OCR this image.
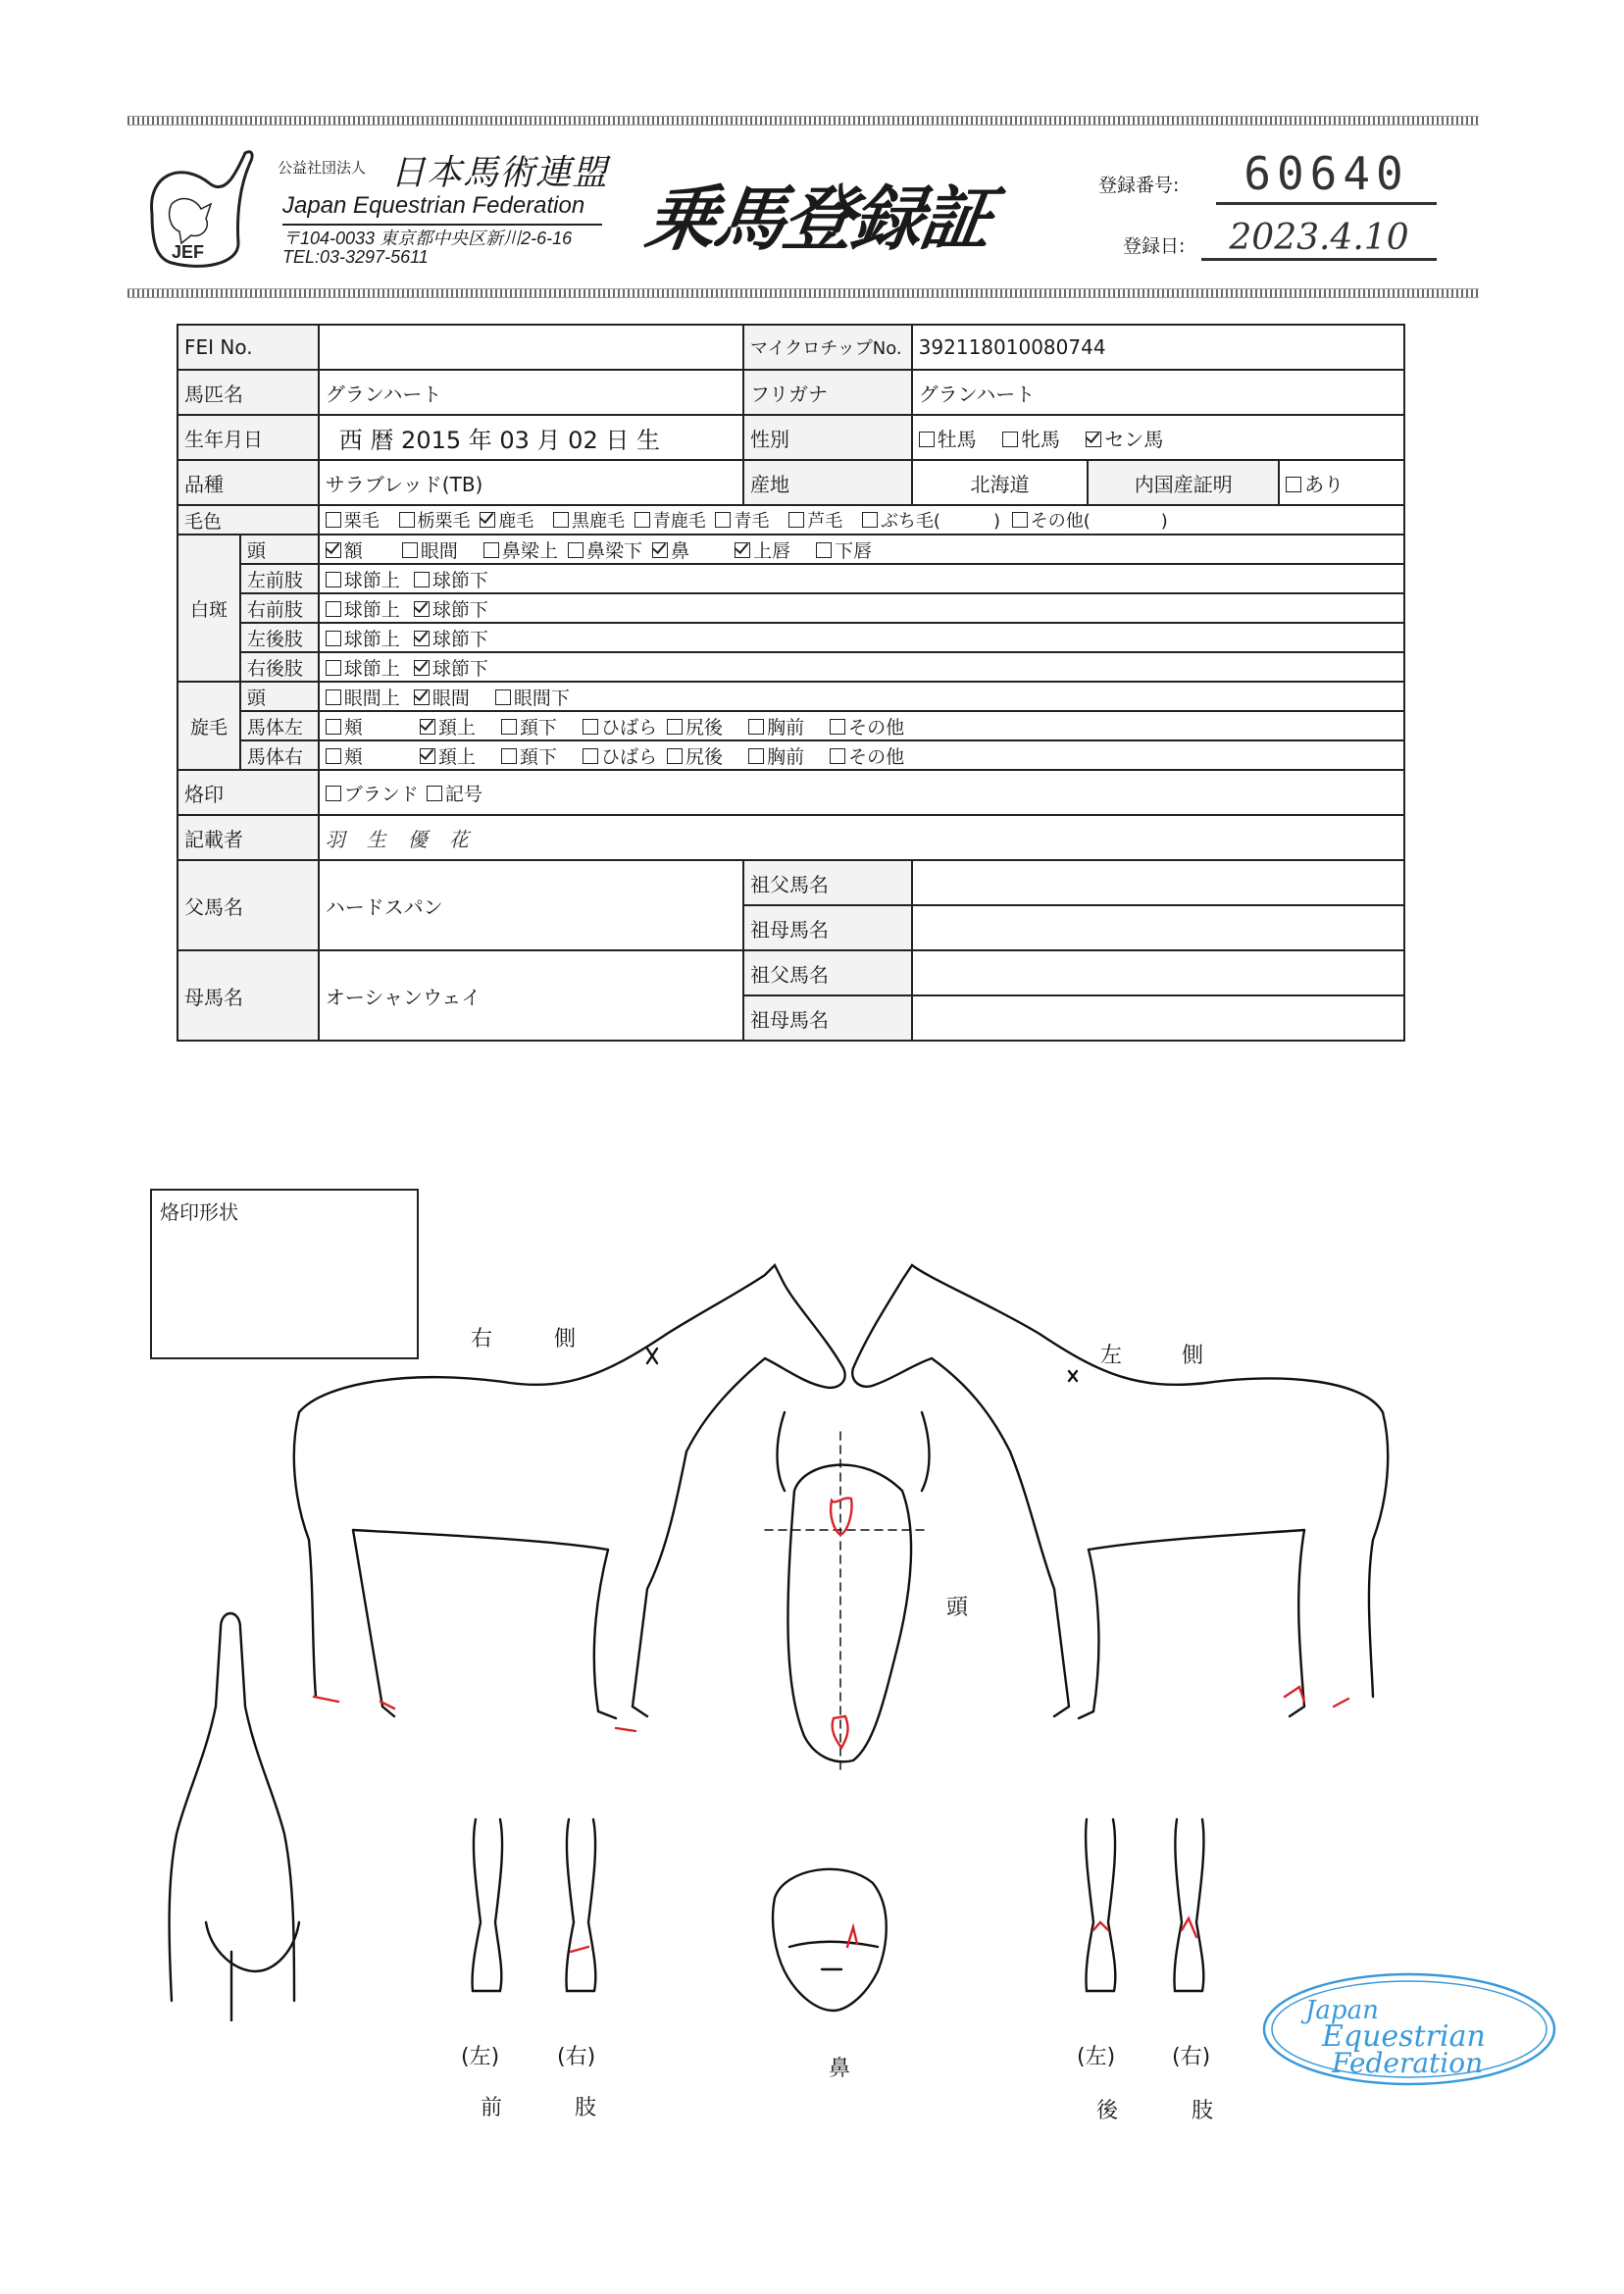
JEF
公益社団法人 日本馬術連盟
Japan Equestrian Federation
〒104-0033 東京都中央区新川2-6-16
TEL:03-3297-5611	乗馬登録証	登録番号:	60640
登録日:	2023.4.10
FEI No.			マイクロチップNo.	392118010080744		
馬匹名		グランハート	フリガナ	グランハート		
生年月日		西 暦 2015 年 03 月 02 日 生	性別	牡馬 牝馬 セン馬		
品種		サラブレッド(TB)	産地	北海道	内国産証明	あり
毛色		栗毛 栃栗毛 鹿毛 黒鹿毛 青鹿毛 青毛 芦毛 ぶち毛(　　　) その他(　　　　)				
白斑	頭	額 眼間 鼻梁上 鼻梁下 鼻 上唇 下唇				
	左前肢	球節上 球節下				
	右前肢	球節上 球節下				
	左後肢	球節上 球節下				
	右後肢	球節上 球節下				
旋毛	頭	眼間上 眼間 眼間下				
	馬体左	頬 頚上 頚下 ひばら 尻後 胸前 その他				
	馬体右	頬 頚上 頚下 ひばら 尻後 胸前 その他				
烙印		ブランド 記号				
記載者		羽生優花				
父馬名		ハードスパン	祖父馬名			
			祖母馬名			
母馬名		オーシャンウェイ	祖父馬名			
			祖母馬名			
烙印形状
右	側
左	側
頭
鼻
(左)	(右)
前	肢
(左)	(右)
後	肢
Japan
Equestrian
Federation
